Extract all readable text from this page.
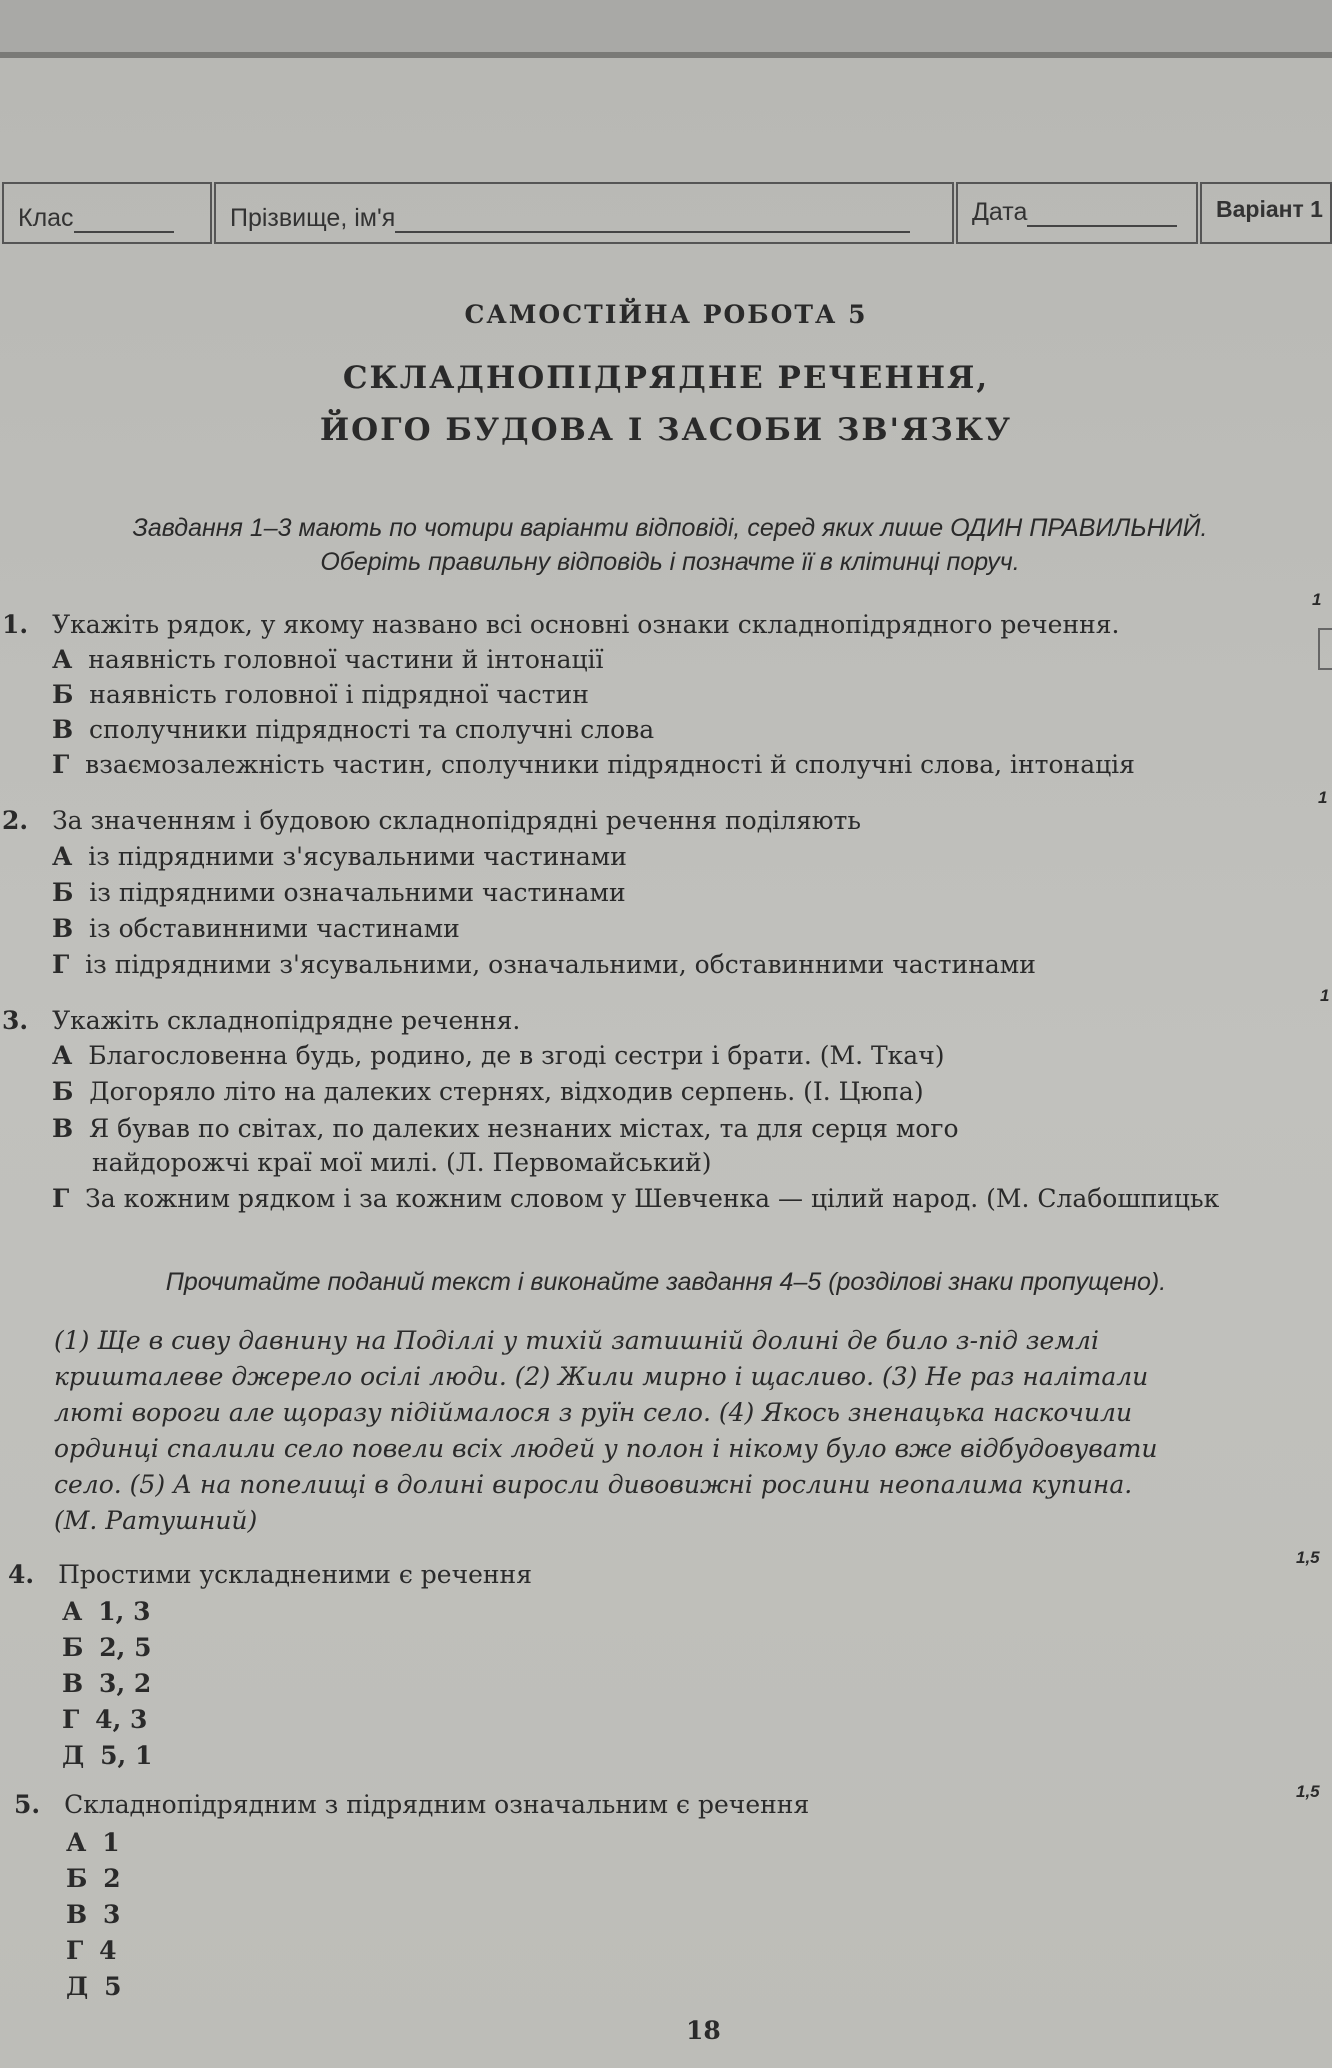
Клас	Прізвище, ім'я	Дата	Варіант 1
САМОСТІЙНА РОБОТА 5
СКЛАДНОПІДРЯДНЕ РЕЧЕННЯ,
ЙОГО БУДОВА І ЗАСОБИ ЗВ'ЯЗКУ
Завдання 1–3 мають по чотири варіанти відповіді, серед яких лише ОДИН ПРАВИЛЬНИЙ.
Оберіть правильну відповідь і позначте її в клітинці поруч.
1. Укажіть рядок, у якому названо всі основні ознаки складнопідрядного речення.
А наявність головної частини й інтонації
Б наявність головної і підрядної частин
В сполучники підрядності та сполучні слова
Г взаємозалежність частин, сполучники підрядності й сполучні слова, інтонація
2. За значенням і будовою складнопідрядні речення поділяють
А із підрядними з'ясувальними частинами
Б із підрядними означальними частинами
В із обставинними частинами
Г із підрядними з'ясувальними, означальними, обставинними частинами
3. Укажіть складнопідрядне речення.
А Благословенна будь, родино, де в згоді сестри і брати. (М. Ткач)
Б Догоряло літо на далеких стернях, відходив серпень. (І. Цюпа)
В Я бував по світах, по далеких незнаних містах, та для серця мого
найдорожчі краї мої милі. (Л. Первомайський)
Г За кожним рядком і за кожним словом у Шевченка — цілий народ. (М. Слабошпицьк
Прочитайте поданий текст і виконайте завдання 4–5 (розділові знаки пропущено).
(1) Ще в сиву давнину на Поділлі у тихій затишній долині де било з-під землі
кришталеве джерело осілі люди. (2) Жили мирно і щасливо. (3) Не раз налітали
люті вороги але щоразу підіймалося з руїн село. (4) Якось зненацька наскочили
ординці спалили село повели всіх людей у полон і нікому було вже відбудовувати
село. (5) А на попелищі в долині виросли дивовижні рослини неопалима купина.
(М. Ратушний)
4. Простими ускладненими є речення
А 1, 3
Б 2, 5
В 3, 2
Г 4, 3
Д 5, 1
5. Складнопідрядним з підрядним означальним є речення
А 1
Б 2
В 3
Г 4
Д 5
1
1
1
1,5
1,5
18
